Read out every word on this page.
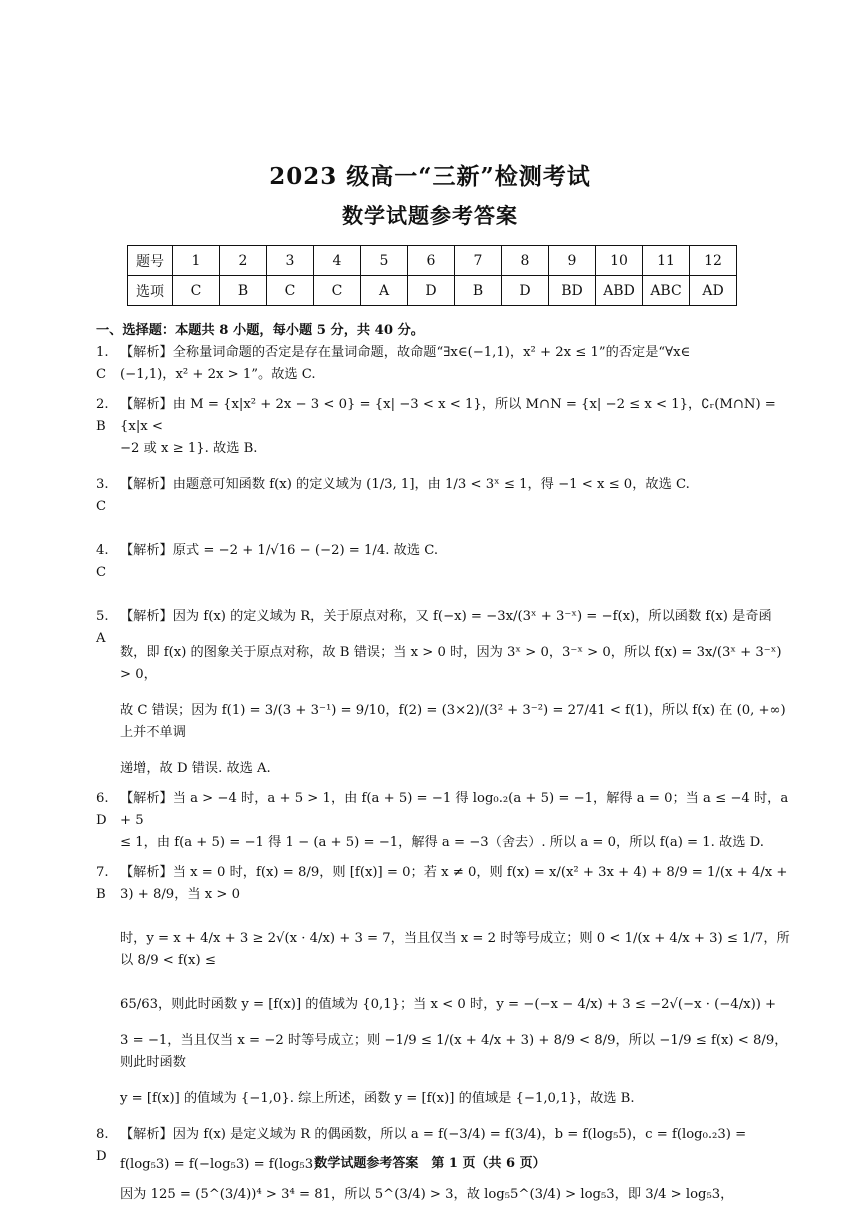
2023 级高一“三新”检测考试
数学试题参考答案
题号	1	2	3	4	5	6	7	8	9	10	11	12
选项	C	B	C	C	A	D	B	D	BD	ABD	ABC	AD
一、选择题：本题共 8 小题，每小题 5 分，共 40 分。
1. C
【解析】全称量词命题的否定是存在量词命题，故命题“∃x∈(−1,1)，x² + 2x ≤ 1”的否定是“∀x∈
(−1,1)，x² + 2x > 1”。故选 C.
2. B
【解析】由 M = {x|x² + 2x − 3 < 0} = {x| −3 < x < 1}，所以 M∩N = {x| −2 ≤ x < 1}，∁ᵣ(M∩N) = {x|x <
−2 或 x ≥ 1}. 故选 B.
3. C
【解析】由题意可知函数 f(x) 的定义域为 (1/3, 1]，由 1/3 < 3ˣ ≤ 1，得 −1 < x ≤ 0，故选 C.
4. C
【解析】原式 = −2 + 1/√16 − (−2) = 1/4. 故选 C.
5. A
【解析】因为 f(x) 的定义域为 R，关于原点对称，又 f(−x) = −3x/(3ˣ + 3⁻ˣ) = −f(x)，所以函数 f(x) 是奇函
数，即 f(x) 的图象关于原点对称，故 B 错误；当 x > 0 时，因为 3ˣ > 0，3⁻ˣ > 0，所以 f(x) = 3x/(3ˣ + 3⁻ˣ) > 0，
故 C 错误；因为 f(1) = 3/(3 + 3⁻¹) = 9/10，f(2) = (3×2)/(3² + 3⁻²) = 27/41 < f(1)，所以 f(x) 在 (0, +∞) 上并不单调
递增，故 D 错误. 故选 A.
6. D
【解析】当 a > −4 时，a + 5 > 1，由 f(a + 5) = −1 得 log₀.₂(a + 5) = −1，解得 a = 0；当 a ≤ −4 时，a + 5
≤ 1，由 f(a + 5) = −1 得 1 − (a + 5) = −1，解得 a = −3（舍去）. 所以 a = 0，所以 f(a) = 1. 故选 D.
7. B
【解析】当 x = 0 时，f(x) = 8/9，则 [f(x)] = 0；若 x ≠ 0，则 f(x) = x/(x² + 3x + 4) + 8/9 = 1/(x + 4/x + 3) + 8/9，当 x > 0
时，y = x + 4/x + 3 ≥ 2√(x · 4/x) + 3 = 7，当且仅当 x = 2 时等号成立；则 0 < 1/(x + 4/x + 3) ≤ 1/7，所以 8/9 < f(x) ≤
65/63，则此时函数 y = [f(x)] 的值域为 {0,1}；当 x < 0 时，y = −(−x − 4/x) + 3 ≤ −2√(−x · (−4/x)) +
3 = −1，当且仅当 x = −2 时等号成立；则 −1/9 ≤ 1/(x + 4/x + 3) + 8/9 < 8/9，所以 −1/9 ≤ f(x) < 8/9，则此时函数
y = [f(x)] 的值域为 {−1,0}. 综上所述，函数 y = [f(x)] 的值域是 {−1,0,1}，故选 B.
8. D
【解析】因为 f(x) 是定义域为 R 的偶函数，所以 a = f(−3/4) = f(3/4)，b = f(log₅5)，c = f(log₀.₂3) =
f(log₅3) = f(−log₅3) = f(log₅3).
因为 125 = (5^(3/4))⁴ > 3⁴ = 81，所以 5^(3/4) > 3，故 log₅5^(3/4) > log₅3，即 3/4 > log₅3，
数学试题参考答案　第 1 页（共 6 页）
